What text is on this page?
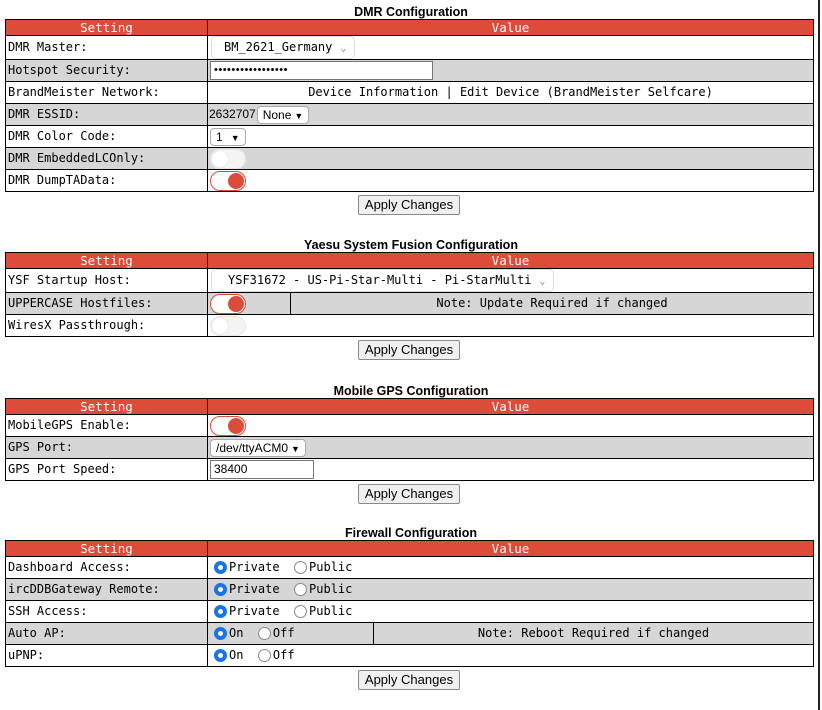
DMR Configuration
Setting	Value
DMR Master:	BM_2621_Germany ⌄
Hotspot Security:	•••••••••••••••••
BrandMeister Network:	Device Information | Edit Device (BrandMeister Selfcare)
DMR ESSID:	2632707 None ▼
DMR Color Code:	1 ▼
DMR EmbeddedLCOnly:	

DMR DumpTAData:	
Apply Changes
Yaesu System Fusion Configuration
Setting	Value	
YSF Startup Host:	YSF31672 - US-Pi-Star-Multi - Pi-StarMulti ⌄	
UPPERCASE Hostfiles:		Note: Update Required if changed
WiresX Passthrough:		
Apply Changes
Mobile GPS Configuration
Setting	Value
MobileGPS Enable:	

GPS Port:	/dev/ttyACM0 ▼
GPS Port Speed:	38400
Apply Changes
Firewall Configuration
Setting	Value	
Dashboard Access:	Private Public	
ircDDBGateway Remote:	Private Public	
SSH Access:	Private Public	
Auto AP:	On Off	Note: Reboot Required if changed
uPNP:	On Off	
Apply Changes
